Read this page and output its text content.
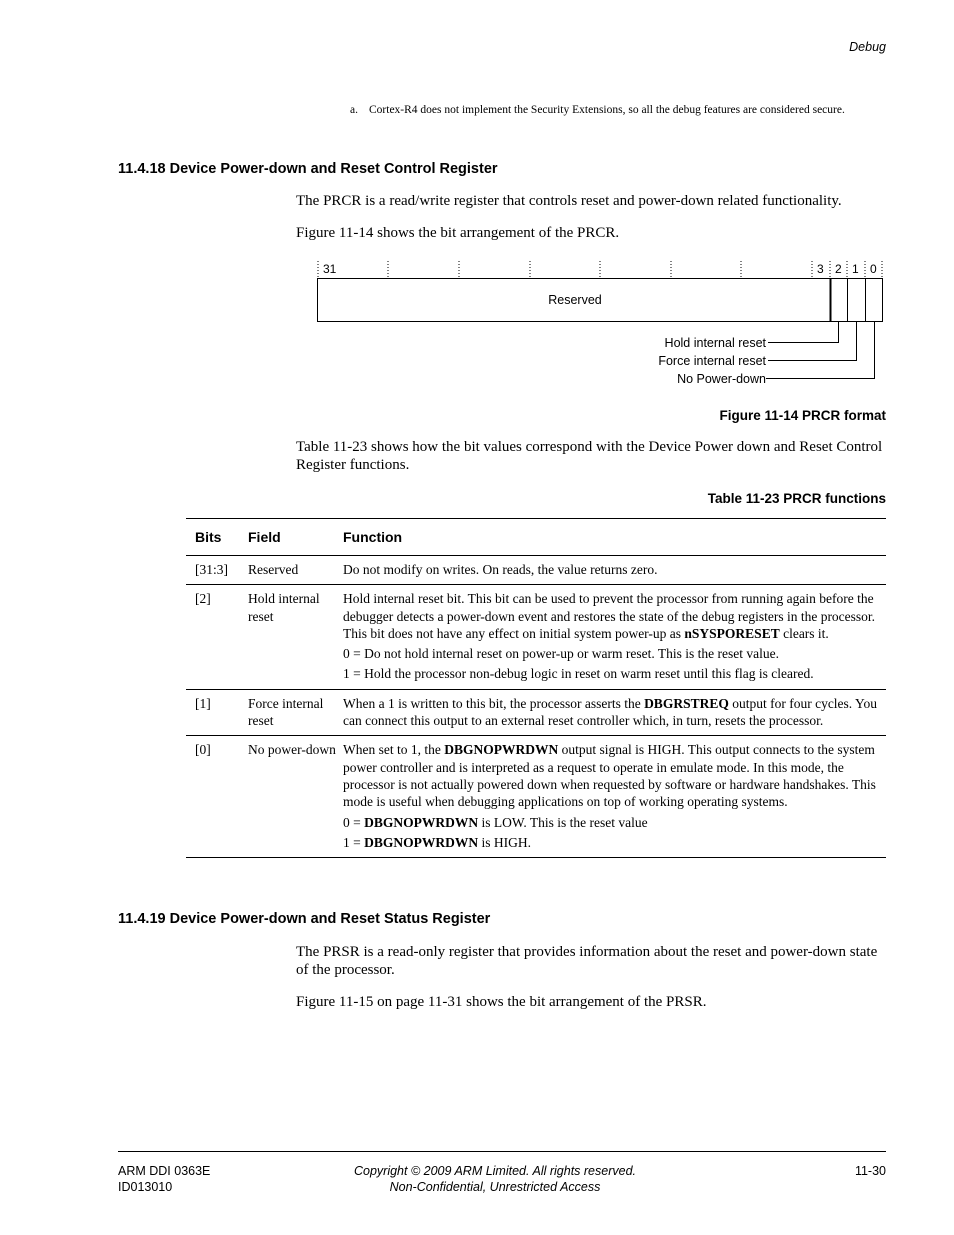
Debug
a. Cortex-R4 does not implement the Security Extensions, so all the debug features are considered secure.
11.4.18 Device Power-down and Reset Control Register
The PRCR is a read/write register that controls reset and power-down related functionality.
Figure 11-14 shows the bit arrangement of the PRCR.
31	3 2 1 0
Reserved
Hold internal reset
Force internal reset
No Power-down
Figure 11-14 PRCR format
Table 11-23 shows how the bit values correspond with the Device Power down and Reset Control Register functions.
Table 11-23 PRCR functions
Bits	Field	Function
[31:3]	Reserved	Do not modify on writes. On reads, the value returns zero.

[2]	Hold internal reset	Hold internal reset bit. This bit can be used to prevent the processor from running again before the debugger detects a power-down event and restores the state of the debug registers in the processor. This bit does not have any effect on initial system power-up as nSYSPORESET clears it.
0 = Do not hold internal reset on power-up or warm reset. This is the reset value.
1 = Hold the processor non-debug logic in reset on warm reset until this flag is cleared.

[1]	Force internal reset	When a 1 is written to this bit, the processor asserts the DBGRSTREQ output for four cycles. You can connect this output to an external reset controller which, in turn, resets the processor.

[0]	No power-down	When set to 1, the DBGNOPWRDWN output signal is HIGH. This output connects to the system power controller and is interpreted as a request to operate in emulate mode. In this mode, the processor is not actually powered down when requested by software or hardware handshakes. This mode is useful when debugging applications on top of working operating systems.
0 = DBGNOPWRDWN is LOW. This is the reset value
1 = DBGNOPWRDWN is HIGH.
11.4.19 Device Power-down and Reset Status Register
The PRSR is a read-only register that provides information about the reset and power-down state of the processor.
Figure 11-15 on page 11-31 shows the bit arrangement of the PRSR.
ARM DDI 0363E
ID013010
Copyright © 2009 ARM Limited. All rights reserved.
Non-Confidential, Unrestricted Access
11-30
